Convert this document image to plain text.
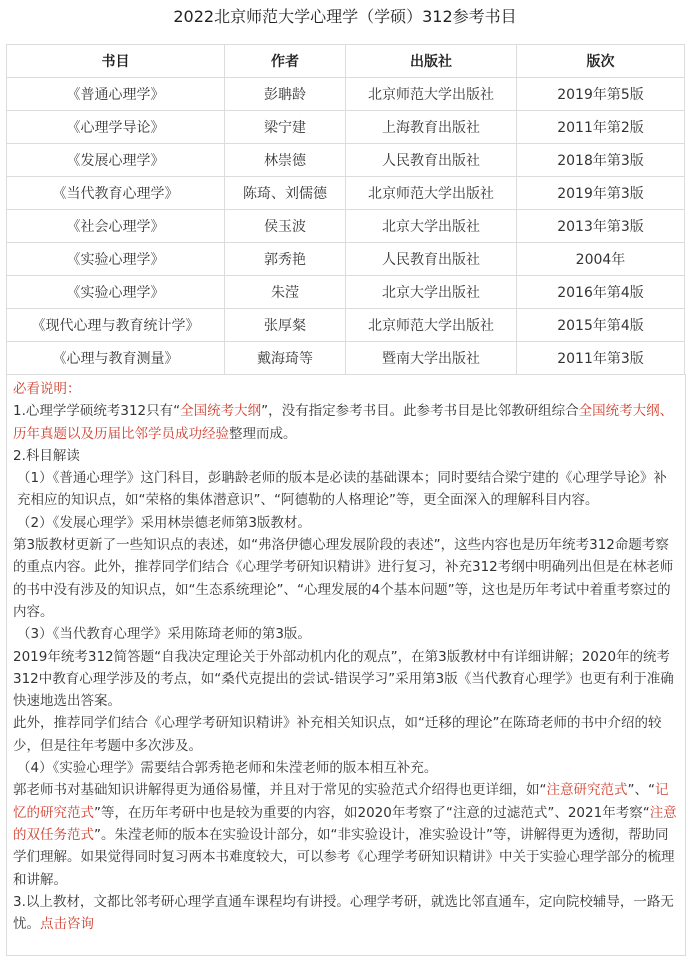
2022北京师范大学心理学（学硕）312参考书目
书目	作者	出版社	版次
《普通心理学》	彭聃龄	北京师范大学出版社	2019年第5版
《心理学导论》	梁宁建	上海教育出版社	2011年第2版
《发展心理学》	林崇德	人民教育出版社	2018年第3版
《当代教育心理学》	陈琦、刘儒德	北京师范大学出版社	2019年第3版
《社会心理学》	侯玉波	北京大学出版社	2013年第3版
《实验心理学》	郭秀艳	人民教育出版社	2004年
《实验心理学》	朱滢	北京大学出版社	2016年第4版
《现代心理与教育统计学》	张厚粲	北京师范大学出版社	2015年第4版
《心理与教育测量》	戴海琦等	暨南大学出版社	2011年第3版

必看说明：

1.心理学学硕统考312只有“全国统考大纲”，没有指定参考书目。此参考书目是比邻教研组综合全国统考大纲、历年真题以及历届比邻学员成功经验整理而成。

2.科目解读

（1）《普通心理学》这门科目，彭聃龄老师的版本是必读的基础课本；同时要结合梁宁建的《心理学导论》补充相应的知识点，如“荣格的集体潜意识”、“阿德勒的人格理论”等，更全面深入的理解科目内容。

（2）《发展心理学》采用林崇德老师第3版教材。

第3版教材更新了一些知识点的表述，如“弗洛伊德心理发展阶段的表述”，这些内容也是历年统考312命题考察的重点内容。此外，推荐同学们结合《心理学考研知识精讲》进行复习，补充312考纲中明确列出但是在林老师的书中没有涉及的知识点，如“生态系统理论”、“心理发展的4个基本问题”等，这也是历年考试中着重考察过的内容。

（3）《当代教育心理学》采用陈琦老师的第3版。

2019年统考312简答题“自我决定理论关于外部动机内化的观点”，在第3版教材中有详细讲解；2020年的统考312中教育心理学涉及的考点，如“桑代克提出的尝试-错误学习”采用第3版《当代教育心理学》也更有利于准确快速地选出答案。

此外，推荐同学们结合《心理学考研知识精讲》补充相关知识点，如“迁移的理论”在陈琦老师的书中介绍的较少，但是往年考题中多次涉及。

（4）《实验心理学》需要结合郭秀艳老师和朱滢老师的版本相互补充。

郭老师书对基础知识讲解得更为通俗易懂，并且对于常见的实验范式介绍得也更详细，如“注意研究范式”、“记忆的研究范式”等，在历年考研中也是较为重要的内容，如2020年考察了“注意的过滤范式”、2021年考察“注意的双任务范式”。朱滢老师的版本在实验设计部分，如“非实验设计，准实验设计”等，讲解得更为透彻，帮助同学们理解。如果觉得同时复习两本书难度较大，可以参考《心理学考研知识精讲》中关于实验心理学部分的梳理和讲解。

3.以上教材，文都比邻考研心理学直通车课程均有讲授。心理学考研，就选比邻直通车，定向院校辅导，一路无忧。点击咨询
